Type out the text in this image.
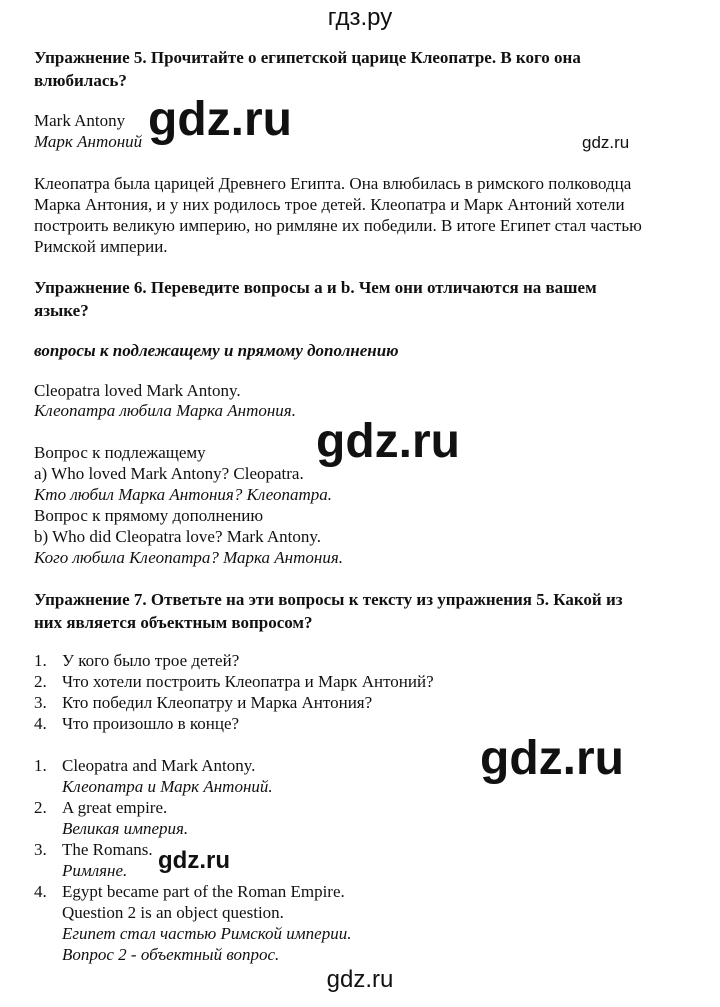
гдз.ру
Упражнение 5. Прочитайте о египетской царице Клеопатре. В кого она влюбилась?
Mark Antony
Марк Антоний gdz.ru	gdz.ru
Клеопатра была царицей Древнего Египта. Она влюбилась в римского полководца Марка Антония, и у них родилось трое детей. Клеопатра и Марк Антоний хотели построить великую империю, но римляне их победили. В итоге Египет стал частью Римской империи.
Упражнение 6. Переведите вопросы a и b. Чем они отличаются на вашем языке?
вопросы к подлежащему и прямому дополнению
Cleopatra loved Mark Antony.
Клеопатра любила Марка Антония.
gdz.ru
Вопрос к подлежащему
a) Who loved Mark Antony? Cleopatra.
Кто любил Марка Антония? Клеопатра.
Вопрос к прямому дополнению
b) Who did Cleopatra love? Mark Antony.
Кого любила Клеопатра? Марка Антония.
Упражнение 7. Ответьте на эти вопросы к тексту из упражнения 5. Какой из них является объектным вопросом?
1. У кого было трое детей?
2. Что хотели построить Клеопатра и Марк Антоний?
3. Кто победил Клеопатру и Марка Антония?
4. Что произошло в конце?
1. Cleopatra and Mark Antony.
Клеопатра и Марк Антоний.
2. A great empire.
Великая империя.
3. The Romans.
Римляне.
4. Egypt became part of the Roman Empire.
Question 2 is an object question.
Египет стал частью Римской империи.
Вопрос 2 - объектный вопрос.
gdz.ru
gdz.ru
gdz.ru
